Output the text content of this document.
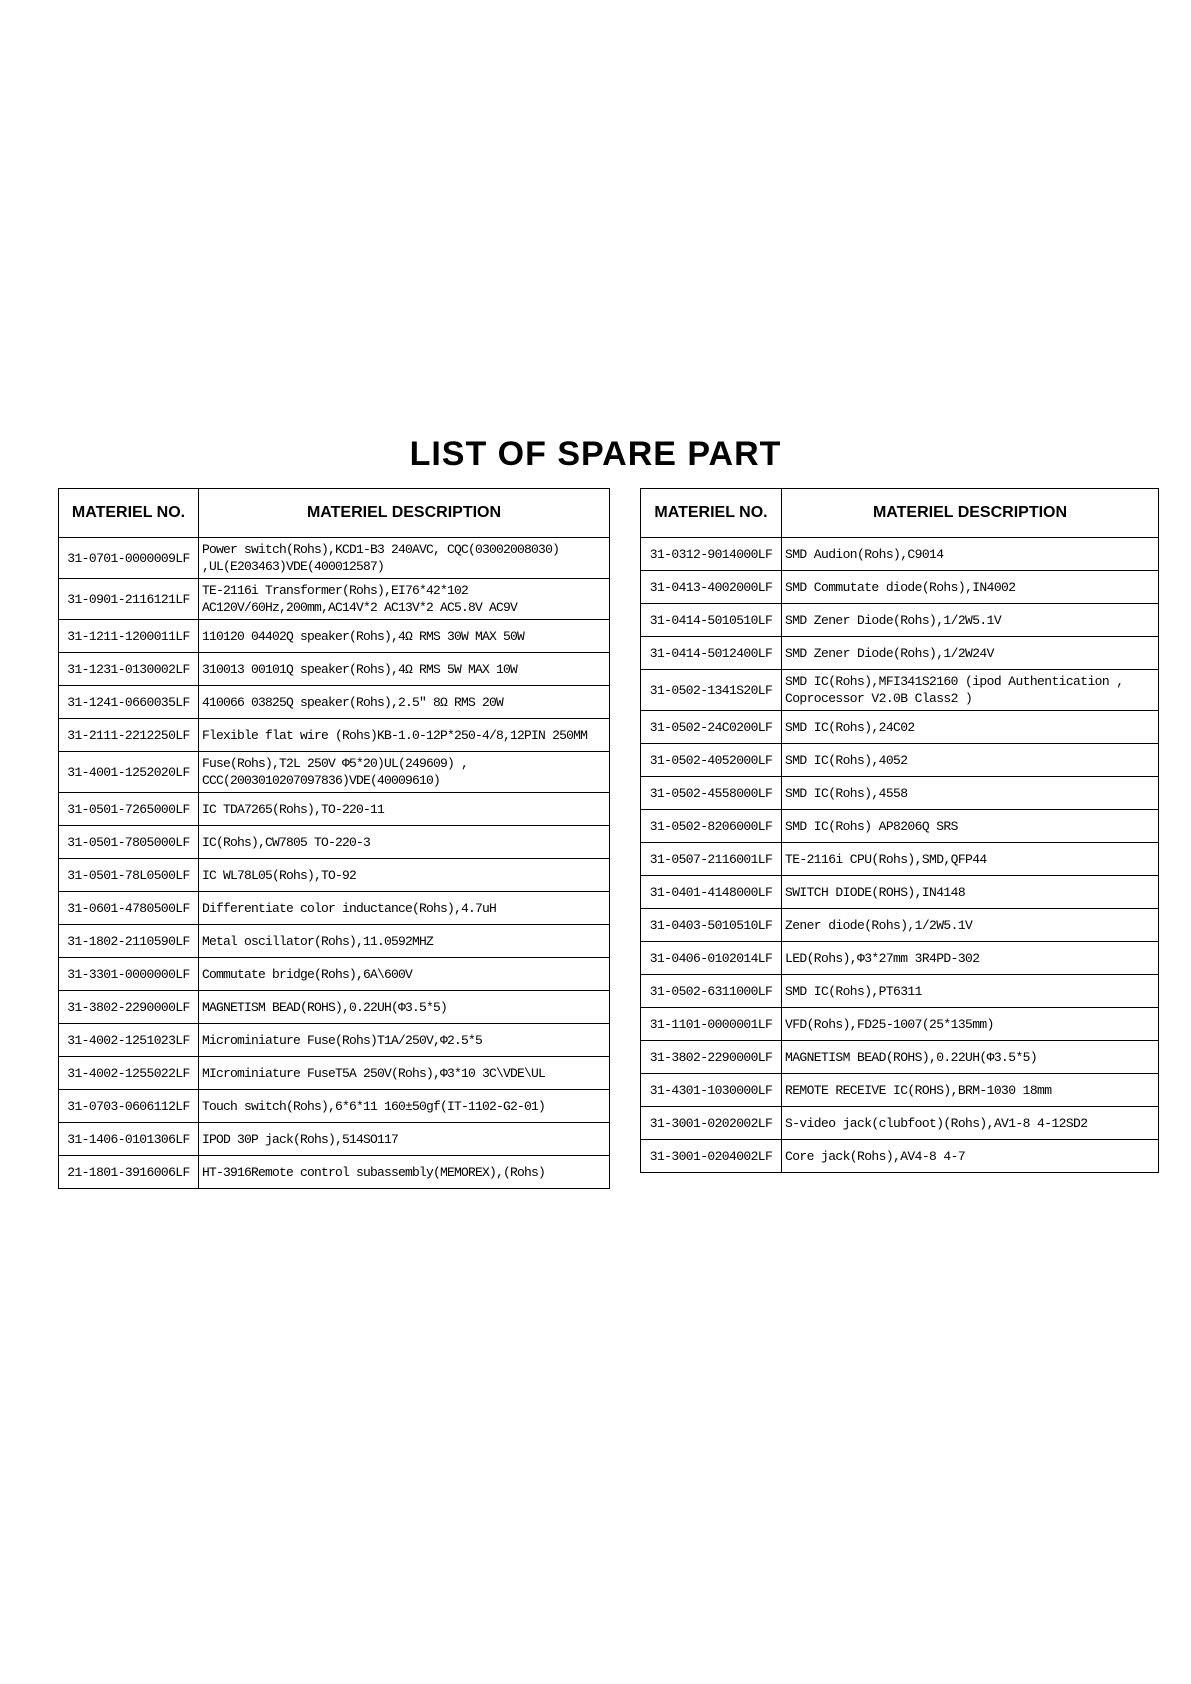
LIST OF SPARE PART
MATERIEL NO.	MATERIEL DESCRIPTION
31-0701-0000009LF	Power switch(Rohs),KCD1-B3 240AVC, CQC(03002008030)
,UL(E203463)VDE(400012587)

31-0901-2116121LF	TE-2116i Transformer(Rohs),EI76*42*102
AC120V/60Hz,200mm,AC14V*2 AC13V*2 AC5.8V AC9V

31-1211-1200011LF	110120 04402Q speaker(Rohs),4Ω RMS 30W MAX 50W

31-1231-0130002LF	310013 00101Q speaker(Rohs),4Ω RMS 5W MAX 10W

31-1241-0660035LF	410066 03825Q speaker(Rohs),2.5" 8Ω RMS 20W

31-2111-2212250LF	Flexible flat wire (Rohs)KB-1.0-12P*250-4/8,12PIN 250MM

31-4001-1252020LF	Fuse(Rohs),T2L 250V Φ5*20)UL(249609) ,
CCC(2003010207097836)VDE(40009610)

31-0501-7265000LF	IC TDA7265(Rohs),TO-220-11

31-0501-7805000LF	IC(Rohs),CW7805 TO-220-3

31-0501-78L0500LF	IC WL78L05(Rohs),TO-92

31-0601-4780500LF	Differentiate color inductance(Rohs),4.7uH

31-1802-2110590LF	Metal oscillator(Rohs),11.0592MHZ

31-3301-0000000LF	Commutate bridge(Rohs),6A\600V

31-3802-2290000LF	MAGNETISM BEAD(ROHS),0.22UH(Φ3.5*5)

31-4002-1251023LF	Microminiature Fuse(Rohs)T1A/250V,Φ2.5*5

31-4002-1255022LF	MIcrominiature FuseT5A 250V(Rohs),Φ3*10 3C\VDE\UL

31-0703-0606112LF	Touch switch(Rohs),6*6*11 160±50gf(IT-1102-G2-01)

31-1406-0101306LF	IPOD 30P jack(Rohs),514SO117

21-1801-3916006LF	HT-3916Remote control subassembly(MEMOREX),(Rohs)
MATERIEL NO.	MATERIEL DESCRIPTION
31-0312-9014000LF	SMD Audion(Rohs),C9014

31-0413-4002000LF	SMD Commutate diode(Rohs),IN4002

31-0414-5010510LF	SMD Zener Diode(Rohs),1/2W5.1V

31-0414-5012400LF	SMD Zener Diode(Rohs),1/2W24V

31-0502-1341S20LF	SMD IC(Rohs),MFI341S2160 (ipod Authentication ,
Coprocessor V2.0B Class2 )

31-0502-24C0200LF	SMD IC(Rohs),24C02

31-0502-4052000LF	SMD IC(Rohs),4052

31-0502-4558000LF	SMD IC(Rohs),4558

31-0502-8206000LF	SMD IC(Rohs) AP8206Q SRS

31-0507-2116001LF	TE-2116i CPU(Rohs),SMD,QFP44

31-0401-4148000LF	SWITCH DIODE(ROHS),IN4148

31-0403-5010510LF	Zener diode(Rohs),1/2W5.1V

31-0406-0102014LF	LED(Rohs),Φ3*27mm 3R4PD-302

31-0502-6311000LF	SMD IC(Rohs),PT6311

31-1101-0000001LF	VFD(Rohs),FD25-1007(25*135mm)

31-3802-2290000LF	MAGNETISM BEAD(ROHS),0.22UH(Φ3.5*5)

31-4301-1030000LF	REMOTE RECEIVE IC(ROHS),BRM-1030 18mm

31-3001-0202002LF	S-video jack(clubfoot)(Rohs),AV1-8 4-12SD2

31-3001-0204002LF	Core jack(Rohs),AV4-8 4-7
